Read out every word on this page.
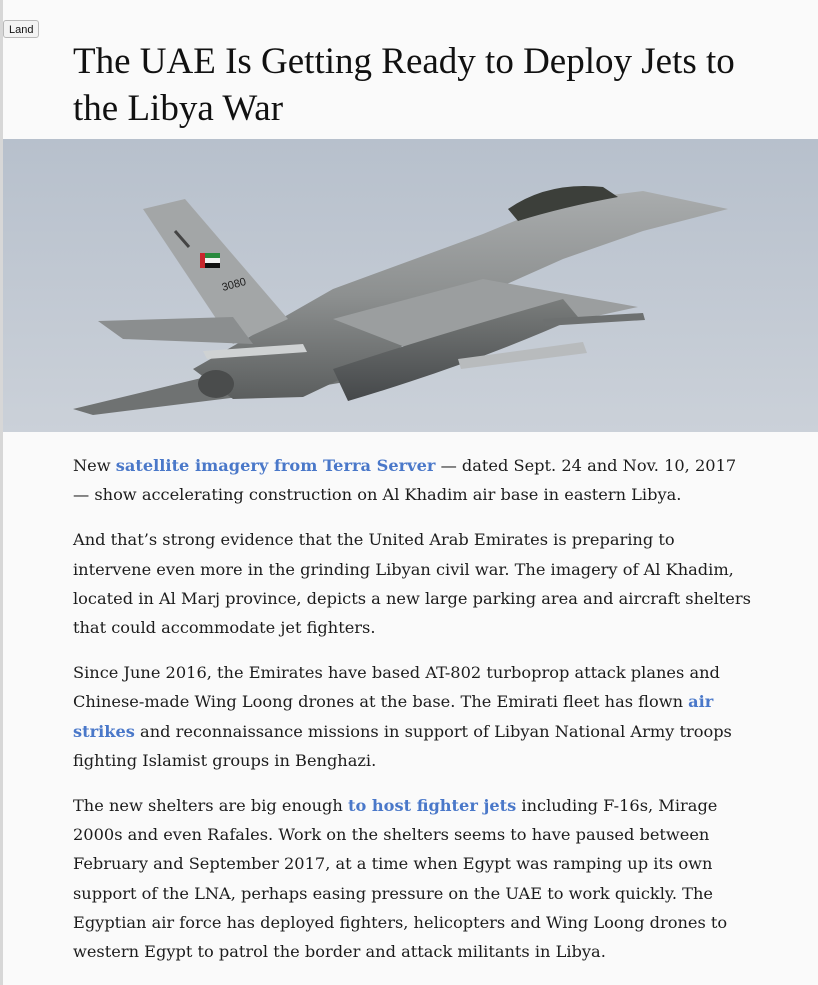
Land
The UAE Is Getting Ready to Deploy Jets to the Libya War
3080

New satellite imagery from Terra Server — dated Sept. 24 and Nov. 10, 2017 — show accelerating construction on Al Khadim air base in eastern Libya.

And that’s strong evidence that the United Arab Emirates is preparing to intervene even more in the grinding Libyan civil war. The imagery of Al Khadim, located in Al Marj province, depicts a new large parking area and aircraft shelters that could accommodate jet fighters.

Since June 2016, the Emirates have based AT-802 turboprop attack planes and Chinese-made Wing Loong drones at the base. The Emirati fleet has flown air strikes and reconnaissance missions in support of Libyan National Army troops fighting Islamist groups in Benghazi.

The new shelters are big enough to host fighter jets including F-16s, Mirage 2000s and even Rafales. Work on the shelters seems to have paused between February and September 2017, at a time when Egypt was ramping up its own support of the LNA, perhaps easing pressure on the UAE to work quickly. The Egyptian air force has deployed fighters, helicopters and Wing Loong drones to western Egypt to patrol the border and attack militants in Libya.
